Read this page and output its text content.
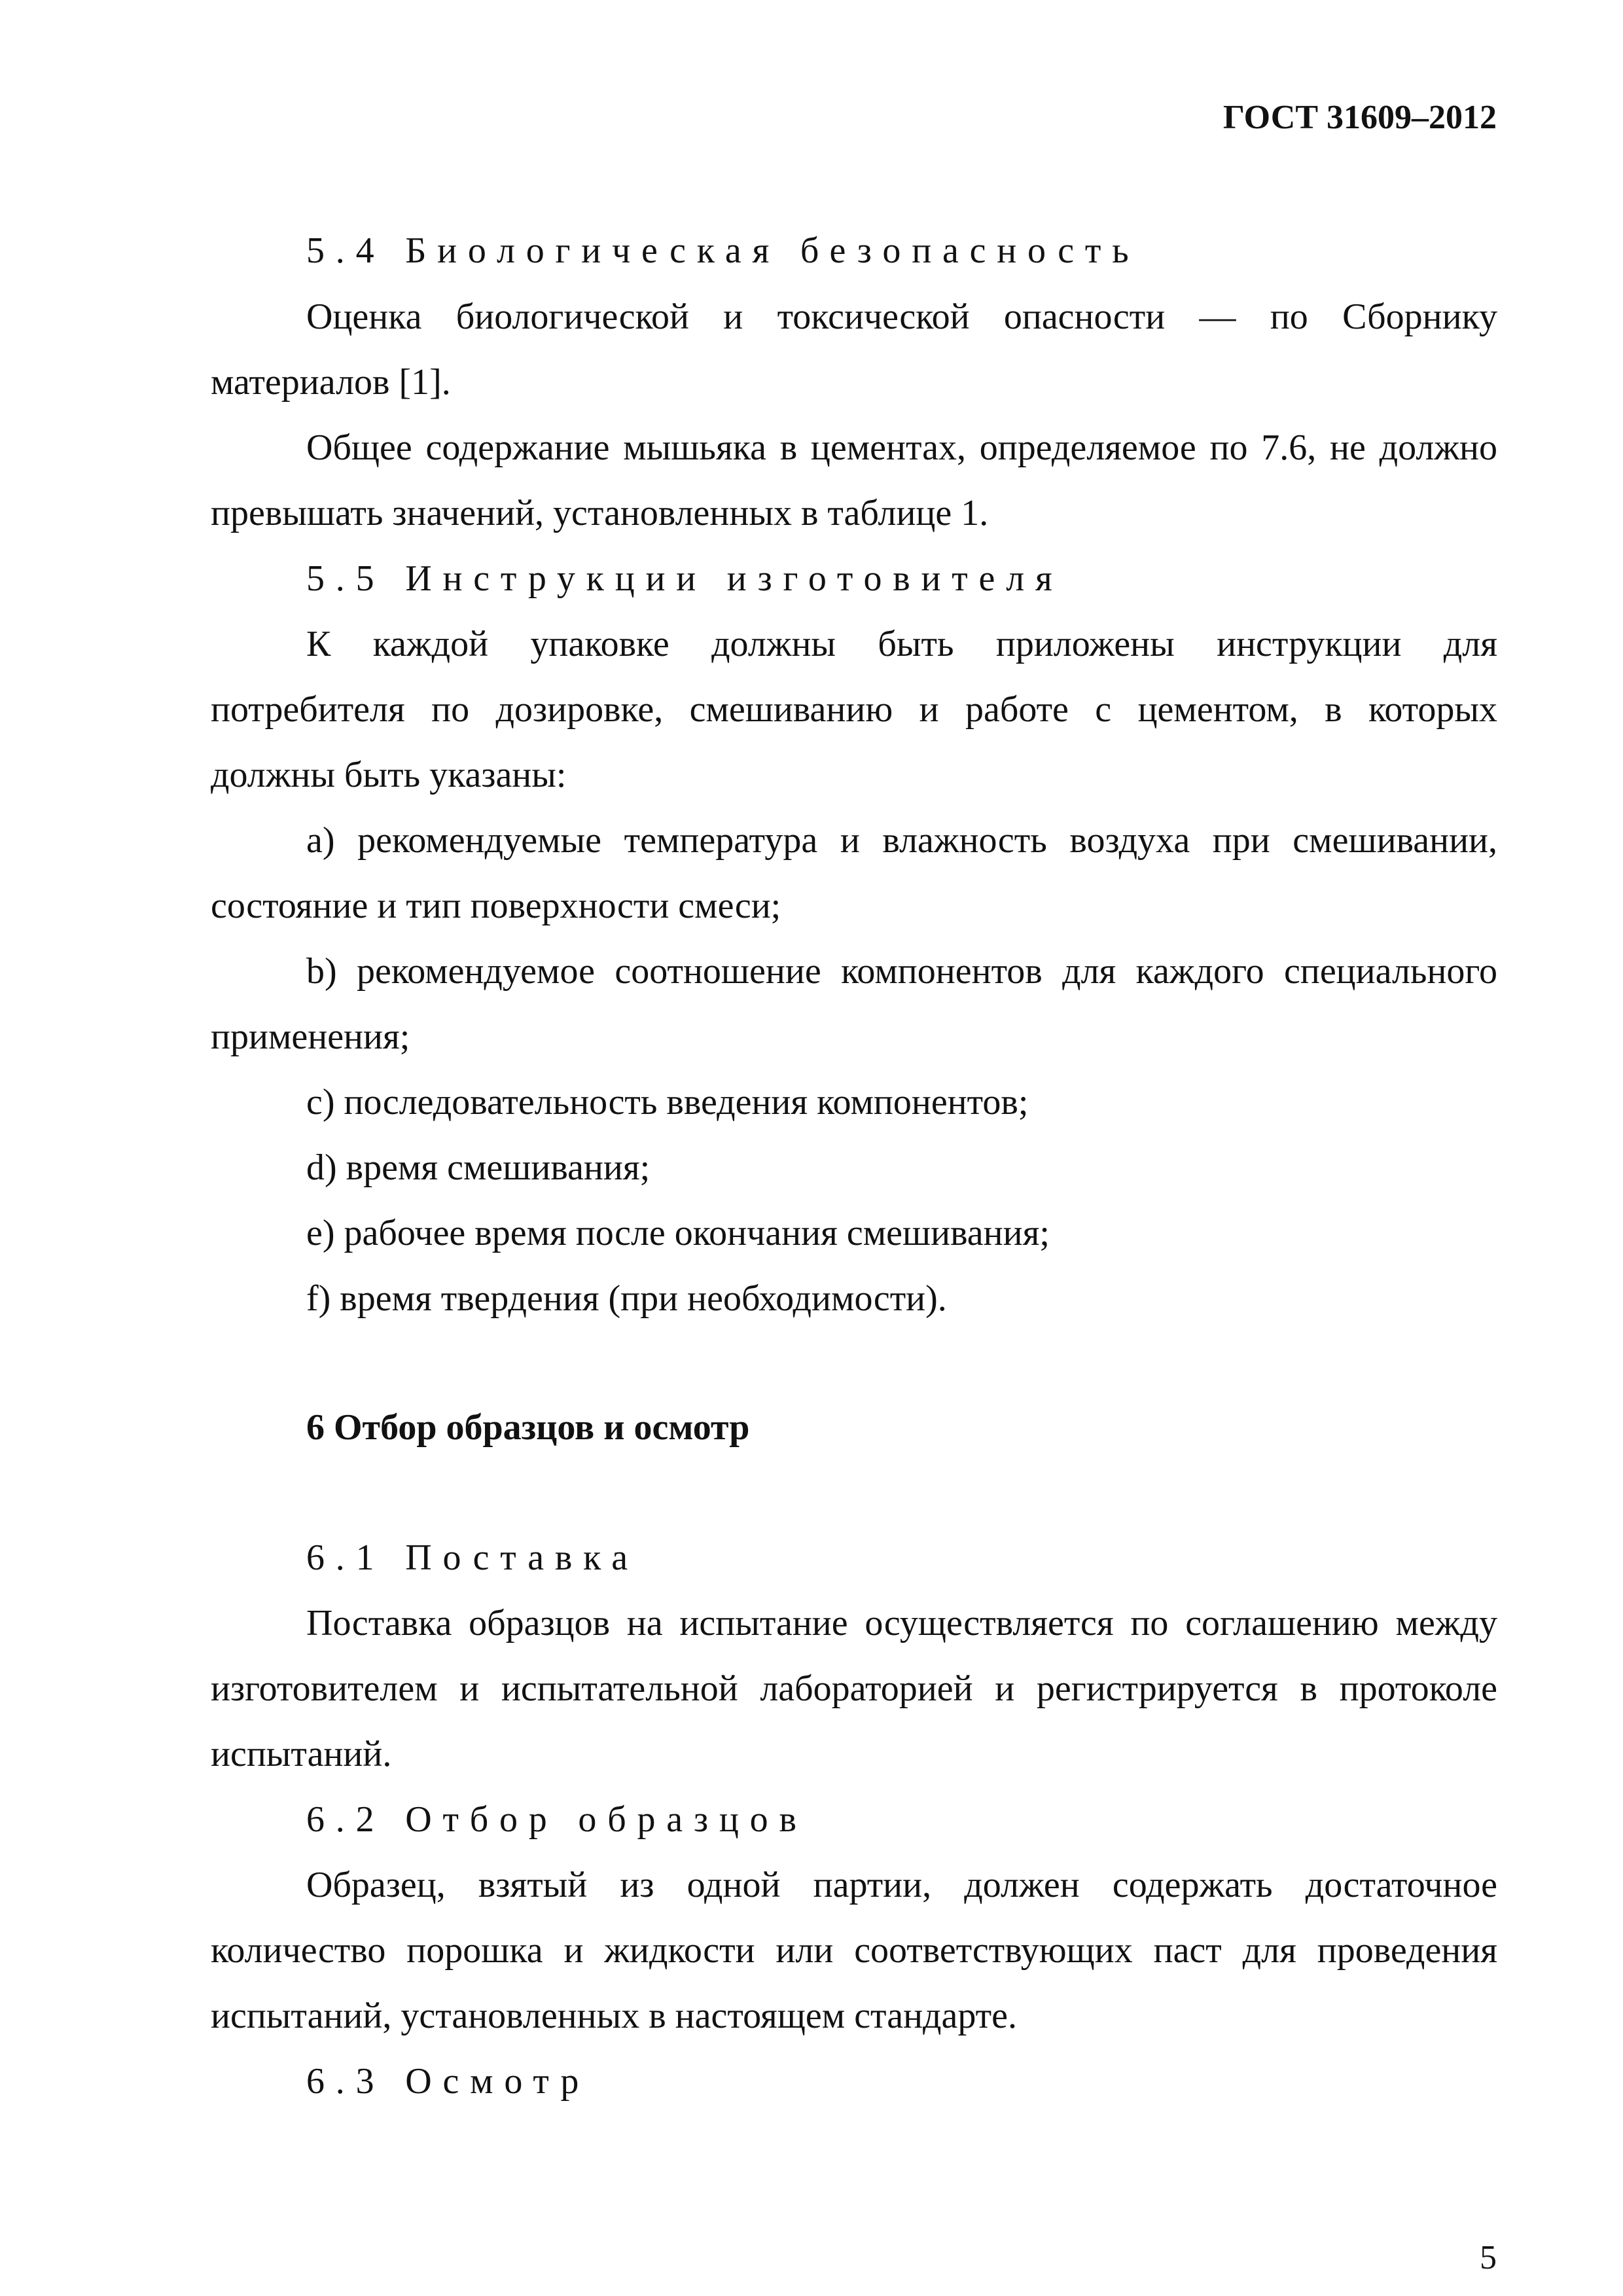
ГОСТ 31609–2012
5.4 Биологическая безопасность
Оценка биологической и токсической опасности — по Сборнику
материалов [1].
Общее содержание мышьяка в цементах, определяемое по 7.6, не должно
превышать значений, установленных в таблице 1.
5.5 Инструкции изготовителя
К каждой упаковке должны быть приложены инструкции для
потребителя по дозировке, смешиванию и работе с цементом, в которых
должны быть указаны:
a) рекомендуемые температура и влажность воздуха при смешивании,
состояние и тип поверхности смеси;
b) рекомендуемое соотношение компонентов для каждого специального
применения;
c) последовательность введения компонентов;
d) время смешивания;
e) рабочее время после окончания смешивания;
f) время твердения (при необходимости).
6 Отбор образцов и осмотр
6.1 Поставка
Поставка образцов на испытание осуществляется по соглашению между
изготовителем и испытательной лабораторией и регистрируется в протоколе
испытаний.
6.2 Отбор образцов
Образец, взятый из одной партии, должен содержать достаточное
количество порошка и жидкости или соответствующих паст для проведения
испытаний, установленных в настоящем стандарте.
6.3 Осмотр
5
